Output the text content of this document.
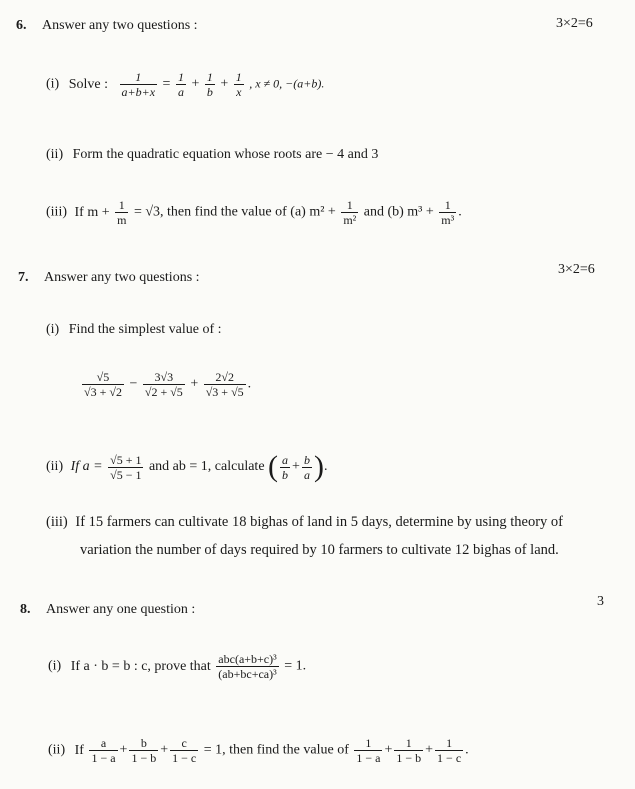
6. Answer any two questions :	3×2=6
(i) Solve : $\frac{1}{a+b+x} = \frac{1}{a} + \frac{1}{b} + \frac{1}{x}$ , x ≠ 0, −(a+b).
(ii) Form the quadratic equation whose roots are − 4 and 3
(iii) If $m + \frac{1}{m} = √3$, then find the value of (a) $m^2 + \frac{1}{\text{m²}}$ and (b) $m^3 + \frac{1}{\text{m³}}$ .
7. Answer any two questions :
3×2=6
(i) Find the simplest value of :
$\frac{√5}{√3 + √2} - \frac{3√3}{√2 + √5} + \frac{2√2}{√3 + √5}$ .
(ii) If $a = \frac{√5 + 1}{√5 - 1}$ and ab = 1, calculate ( $\frac{a}{b} + \frac{b}{a}$ ).
(iii) If 15 farmers can cultivate 18 bighas of land in 5 days, determine by using theory of
variation the number of days required by 10 farmers to cultivate 12 bighas of land.
8. Answer any one question :
3
(i) If a · b = b : c, prove that $\frac{\text{abc(a+b+c)³}}{\text{(ab+bc+ca)³}} = 1$.
(ii) If $\frac{a}{1 - a} + \frac{b}{1 - b} + \frac{c}{1 - c} = 1$, then find the value of $\frac{1}{1 - a} + \frac{1}{1 - b} + \frac{1}{1 - c}$ .
